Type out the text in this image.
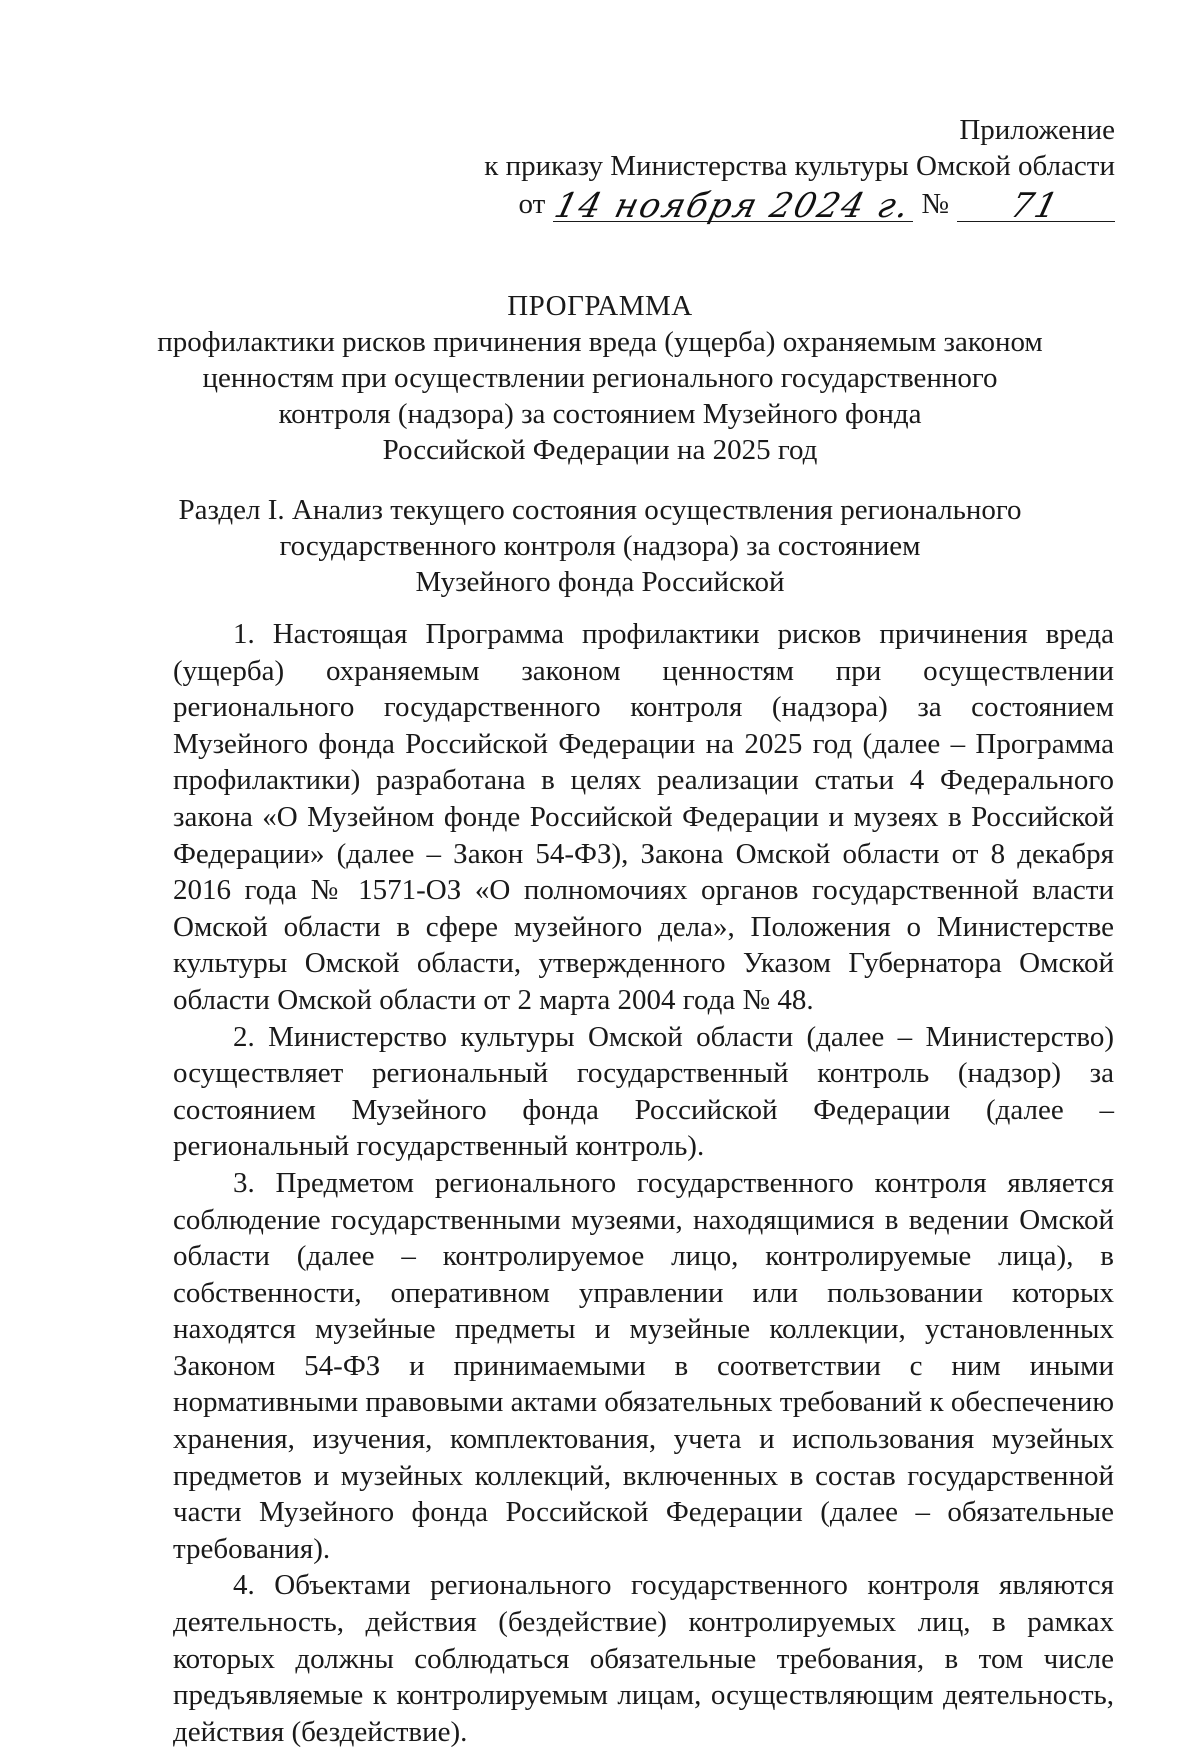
Приложение
к приказу Министерства культуры Омской области
от 14 ноября 2024 г. №	71
ПРОГРАММА
профилактики рисков причинения вреда (ущерба) охраняемым законом
ценностям при осуществлении регионального государственного
контроля (надзора) за состоянием Музейного фонда
Российской Федерации на 2025 год
Раздел I. Анализ текущего состояния осуществления регионального
государственного контроля (надзора) за состоянием
Музейного фонда Российской

1. Настоящая Программа профилактики рисков причинения вреда (ущерба) охраняемым законом ценностям при осуществлении регионального государственного контроля (надзора) за состоянием Музейного фонда Российской Федерации на 2025 год (далее – Программа профилактики) разработана в целях реализации статьи 4 Федерального закона «О Музейном фонде Российской Федерации и музеях в Российской Федерации» (далее – Закон 54-ФЗ), Закона Омской области от 8 декабря 2016 года № 1571-ОЗ «О полномочиях органов государственной власти Омской области в сфере музейного дела», Положения о Министерстве культуры Омской области, утвержденного Указом Губернатора Омской области Омской области от 2 марта 2004 года № 48.

2. Министерство культуры Омской области (далее – Министерство) осуществляет региональный государственный контроль (надзор) за состоянием Музейного фонда Российской Федерации (далее – региональный государственный контроль).

3. Предметом регионального государственного контроля является соблюдение государственными музеями, находящимися в ведении Омской области (далее – контролируемое лицо, контролируемые лица), в собственности, оперативном управлении или пользовании которых находятся музейные предметы и музейные коллекции, установленных Законом 54-ФЗ и принимаемыми в соответствии с ним иными нормативными правовыми актами обязательных требований к обеспечению хранения, изучения, комплектования, учета и использования музейных предметов и музейных коллекций, включенных в состав государственной части Музейного фонда Российской Федерации (далее – обязательные требования).

4. Объектами регионального государственного контроля являются деятельность, действия (бездействие) контролируемых лиц, в рамках которых должны соблюдаться обязательные требования, в том числе предъявляемые к контролируемым лицам, осуществляющим деятельность, действия (бездействие).
